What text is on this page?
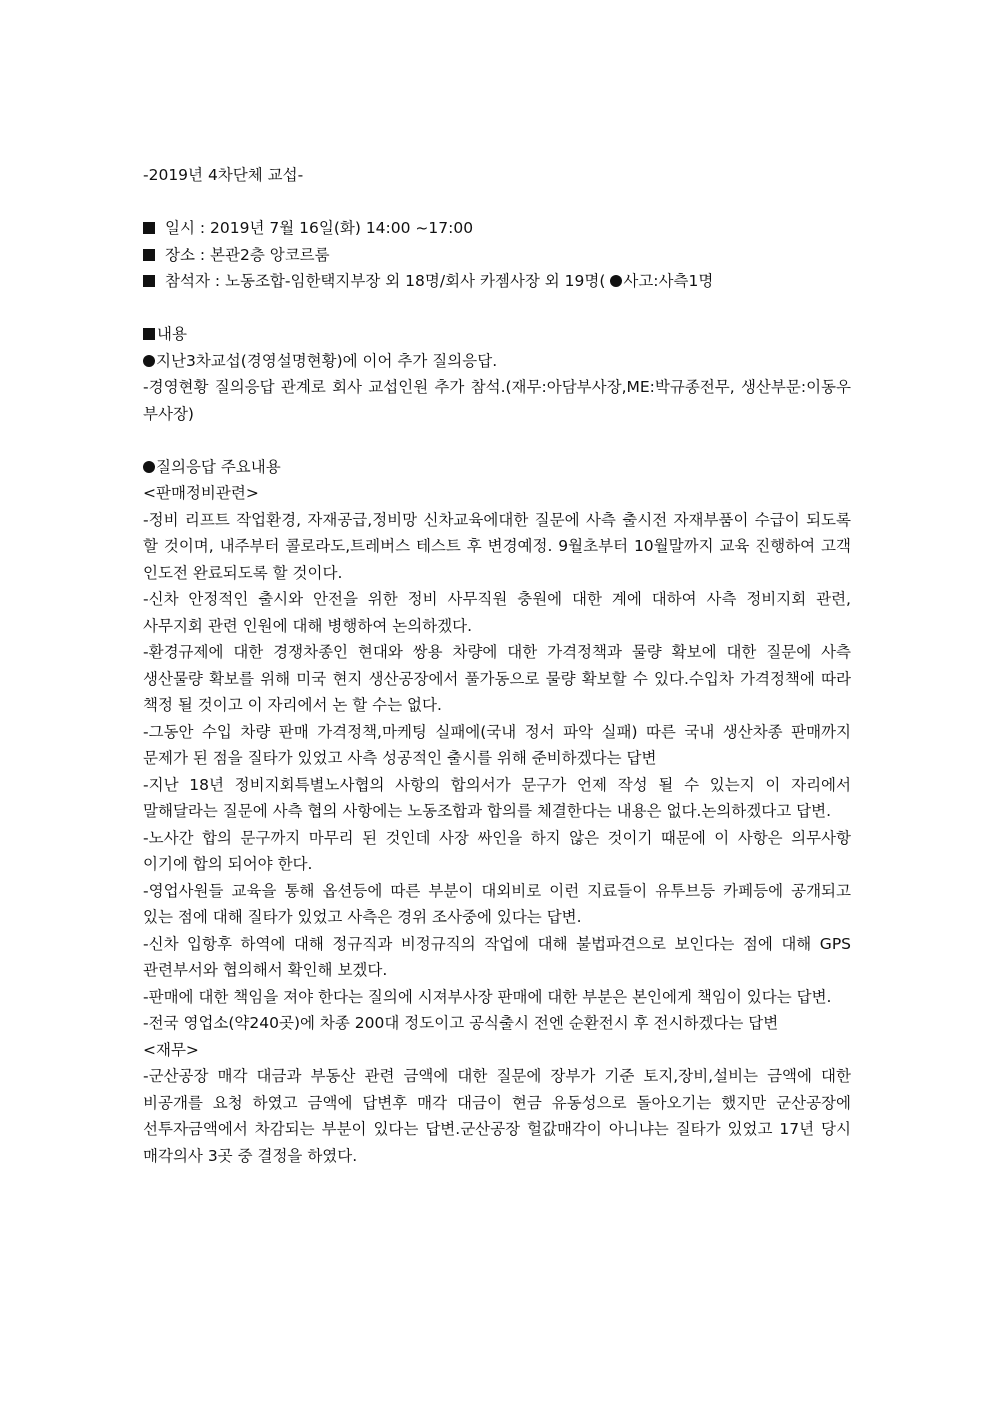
-2019년 4차단체 교섭-
일시 : 2019년 7월 16일(화) 14:00 ~17:00
장소 : 본관2층 앙코르룸
참석자 : 노동조합-임한택지부장 외 18명/회사 카젬사장 외 19명( 사고:사측1명
내용
지난3차교섭(경영설명현황)에 이어 추가 질의응답.
-경영현황 질의응답 관계로 회사 교섭인원 추가 참석.(재무:아담부사장,ME:박규종전무, 생산부문:이동우 부사장)
질의응답 주요내용
<판매정비관련>
-정비 리프트 작업환경, 자재공급,정비망 신차교육에대한 질문에 사측 출시전 자재부품이 수급이 되도록 할 것이며, 내주부터 콜로라도,트레버스 테스트 후 변경예정. 9월초부터 10월말까지 교육 진행하여 고객 인도전 완료되도록 할 것이다.
-신차 안정적인 출시와 안전을 위한 정비 사무직원 충원에 대한 계에 대하여 사측 정비지회 관련, 사무지회 관련 인원에 대해 병행하여 논의하겠다.
-환경규제에 대한 경쟁차종인 현대와 쌍용 차량에 대한 가격정책과 물량 확보에 대한 질문에 사측 생산물량 확보를 위해 미국 현지 생산공장에서 풀가동으로 물량 확보할 수 있다.수입차 가격정책에 따라 책정 될 것이고 이 자리에서 논 할 수는 없다.
-그동안 수입 차량 판매 가격정책,마케팅 실패에(국내 정서 파악 실패) 따른 국내 생산차종 판매까지 문제가 된 점을 질타가 있었고 사측 성공적인 출시를 위해 준비하겠다는 답변
-지난 18년 정비지회특별노사협의 사항의 합의서가 문구가 언제 작성 될 수 있는지 이 자리에서 말해달라는 질문에 사측 협의 사항에는 노동조합과 합의를 체결한다는 내용은 없다.논의하겠다고 답변.
-노사간 합의 문구까지 마무리 된 것인데 사장 싸인을 하지 않은 것이기 때문에 이 사항은 의무사항 이기에 합의 되어야 한다.
-영업사원들 교육을 통해 옵션등에 따른 부분이 대외비로 이런 지료들이 유투브등 카페등에 공개되고 있는 점에 대해 질타가 있었고 사측은 경위 조사중에 있다는 답변.
-신차 입항후 하역에 대해 정규직과 비정규직의 작업에 대해 불법파견으로 보인다는 점에 대해 GPS 관련부서와 협의해서 확인해 보겠다.
-판매에 대한 책임을 져야 한다는 질의에 시져부사장 판매에 대한 부분은 본인에게 책임이 있다는 답변.
-전국 영업소(약240곳)에 차종 200대 정도이고 공식출시 전엔 순환전시 후 전시하겠다는 답변
<재무>
-군산공장 매각 대금과 부동산 관련 금액에 대한 질문에 장부가 기준 토지,장비,설비는 금액에 대한 비공개를 요청 하였고 금액에 답변후 매각 대금이 현금 유동성으로 돌아오기는 했지만 군산공장에 선투자금액에서 차감되는 부분이 있다는 답변.군산공장 헐값매각이 아니냐는 질타가 있었고 17년 당시 매각의사 3곳 중 결정을 하였다.
